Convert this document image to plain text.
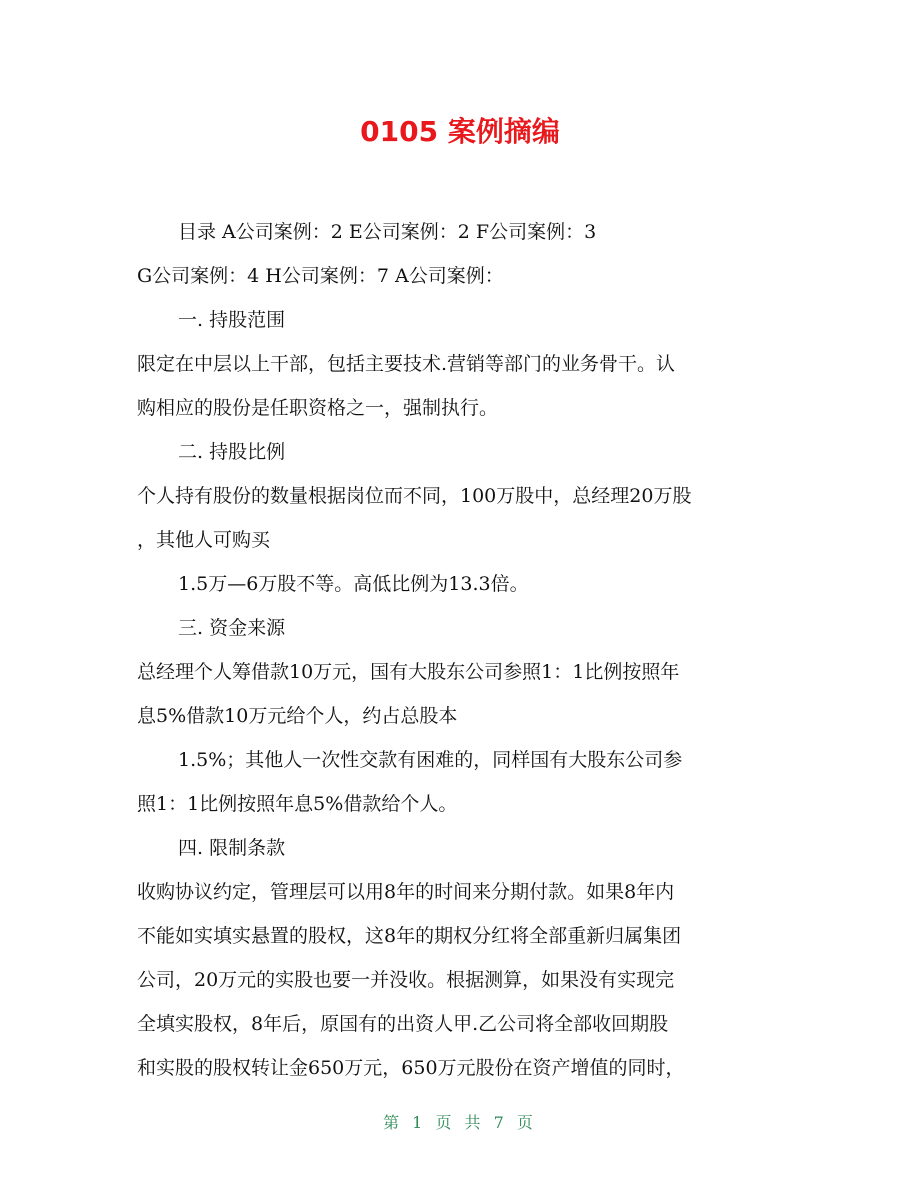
0105 案例摘编
目录 A公司案例：2 E公司案例：2 F公司案例：3
G公司案例：4 H公司案例：7 A公司案例：
一. 持股范围
限定在中层以上干部，包括主要技术.营销等部门的业务骨干。认
购相应的股份是任职资格之一，强制执行。
二. 持股比例
个人持有股份的数量根据岗位而不同，100万股中，总经理20万股
，其他人可购买
1.5万—6万股不等。高低比例为13.3倍。
三. 资金来源
总经理个人筹借款10万元，国有大股东公司参照1：1比例按照年
息5%借款10万元给个人，约占总股本
1.5%；其他人一次性交款有困难的，同样国有大股东公司参
照1：1比例按照年息5%借款给个人。
四. 限制条款
收购协议约定，管理层可以用8年的时间来分期付款。如果8年内
不能如实填实悬置的股权，这8年的期权分红将全部重新归属集团
公司，20万元的实股也要一并没收。根据测算，如果没有实现完
全填实股权，8年后，原国有的出资人甲.乙公司将全部收回期股
和实股的股权转让金650万元，650万元股份在资产增值的同时，
第 1 页 共 7 页
